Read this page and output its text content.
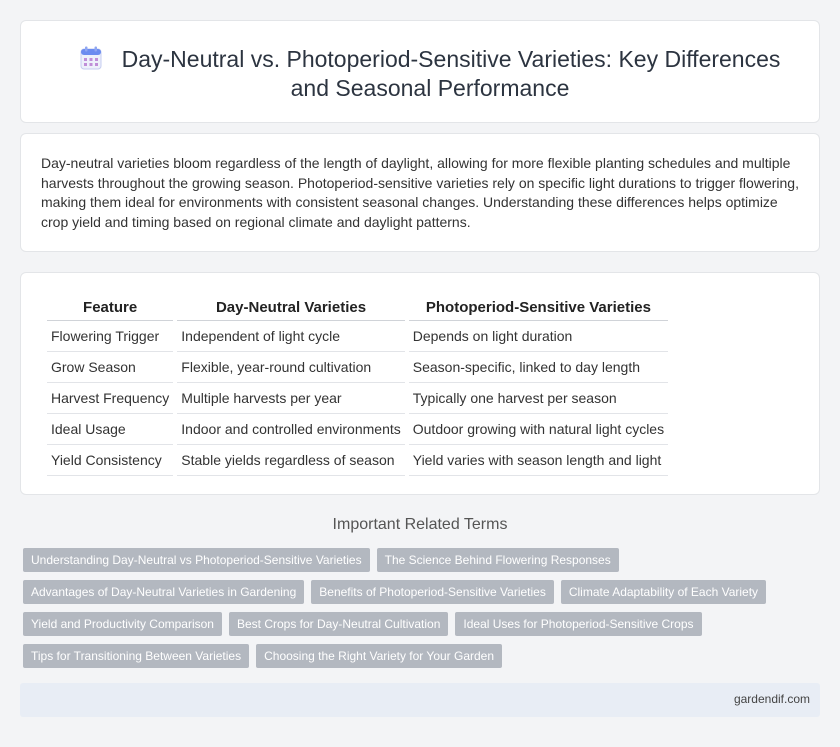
Day-Neutral vs. Photoperiod-Sensitive Varieties: Key Differences and Seasonal Performance

Day-neutral varieties bloom regardless of the length of daylight, allowing for more flexible planting schedules and multiple harvests throughout the growing season. Photoperiod-sensitive varieties rely on specific light durations to trigger flowering, making them ideal for environments with consistent seasonal changes. Understanding these differences helps optimize crop yield and timing based on regional climate and daylight patterns.

Feature	Day-Neutral Varieties	Photoperiod-Sensitive Varieties
Flowering Trigger	Independent of light cycle	Depends on light duration
Grow Season	Flexible, year-round cultivation	Season-specific, linked to day length
Harvest Frequency	Multiple harvests per year	Typically one harvest per season
Ideal Usage	Indoor and controlled environments	Outdoor growing with natural light cycles
Yield Consistency	Stable yields regardless of season	Yield varies with season length and light
Important Related Terms
Understanding Day-Neutral vs Photoperiod-Sensitive Varieties	The Science Behind Flowering Responses
Advantages of Day-Neutral Varieties in Gardening	Benefits of Photoperiod-Sensitive Varieties	Climate Adaptability of Each Variety
Yield and Productivity Comparison	Best Crops for Day-Neutral Cultivation	Ideal Uses for Photoperiod-Sensitive Crops
Tips for Transitioning Between Varieties	Choosing the Right Variety for Your Garden
gardendif.com
